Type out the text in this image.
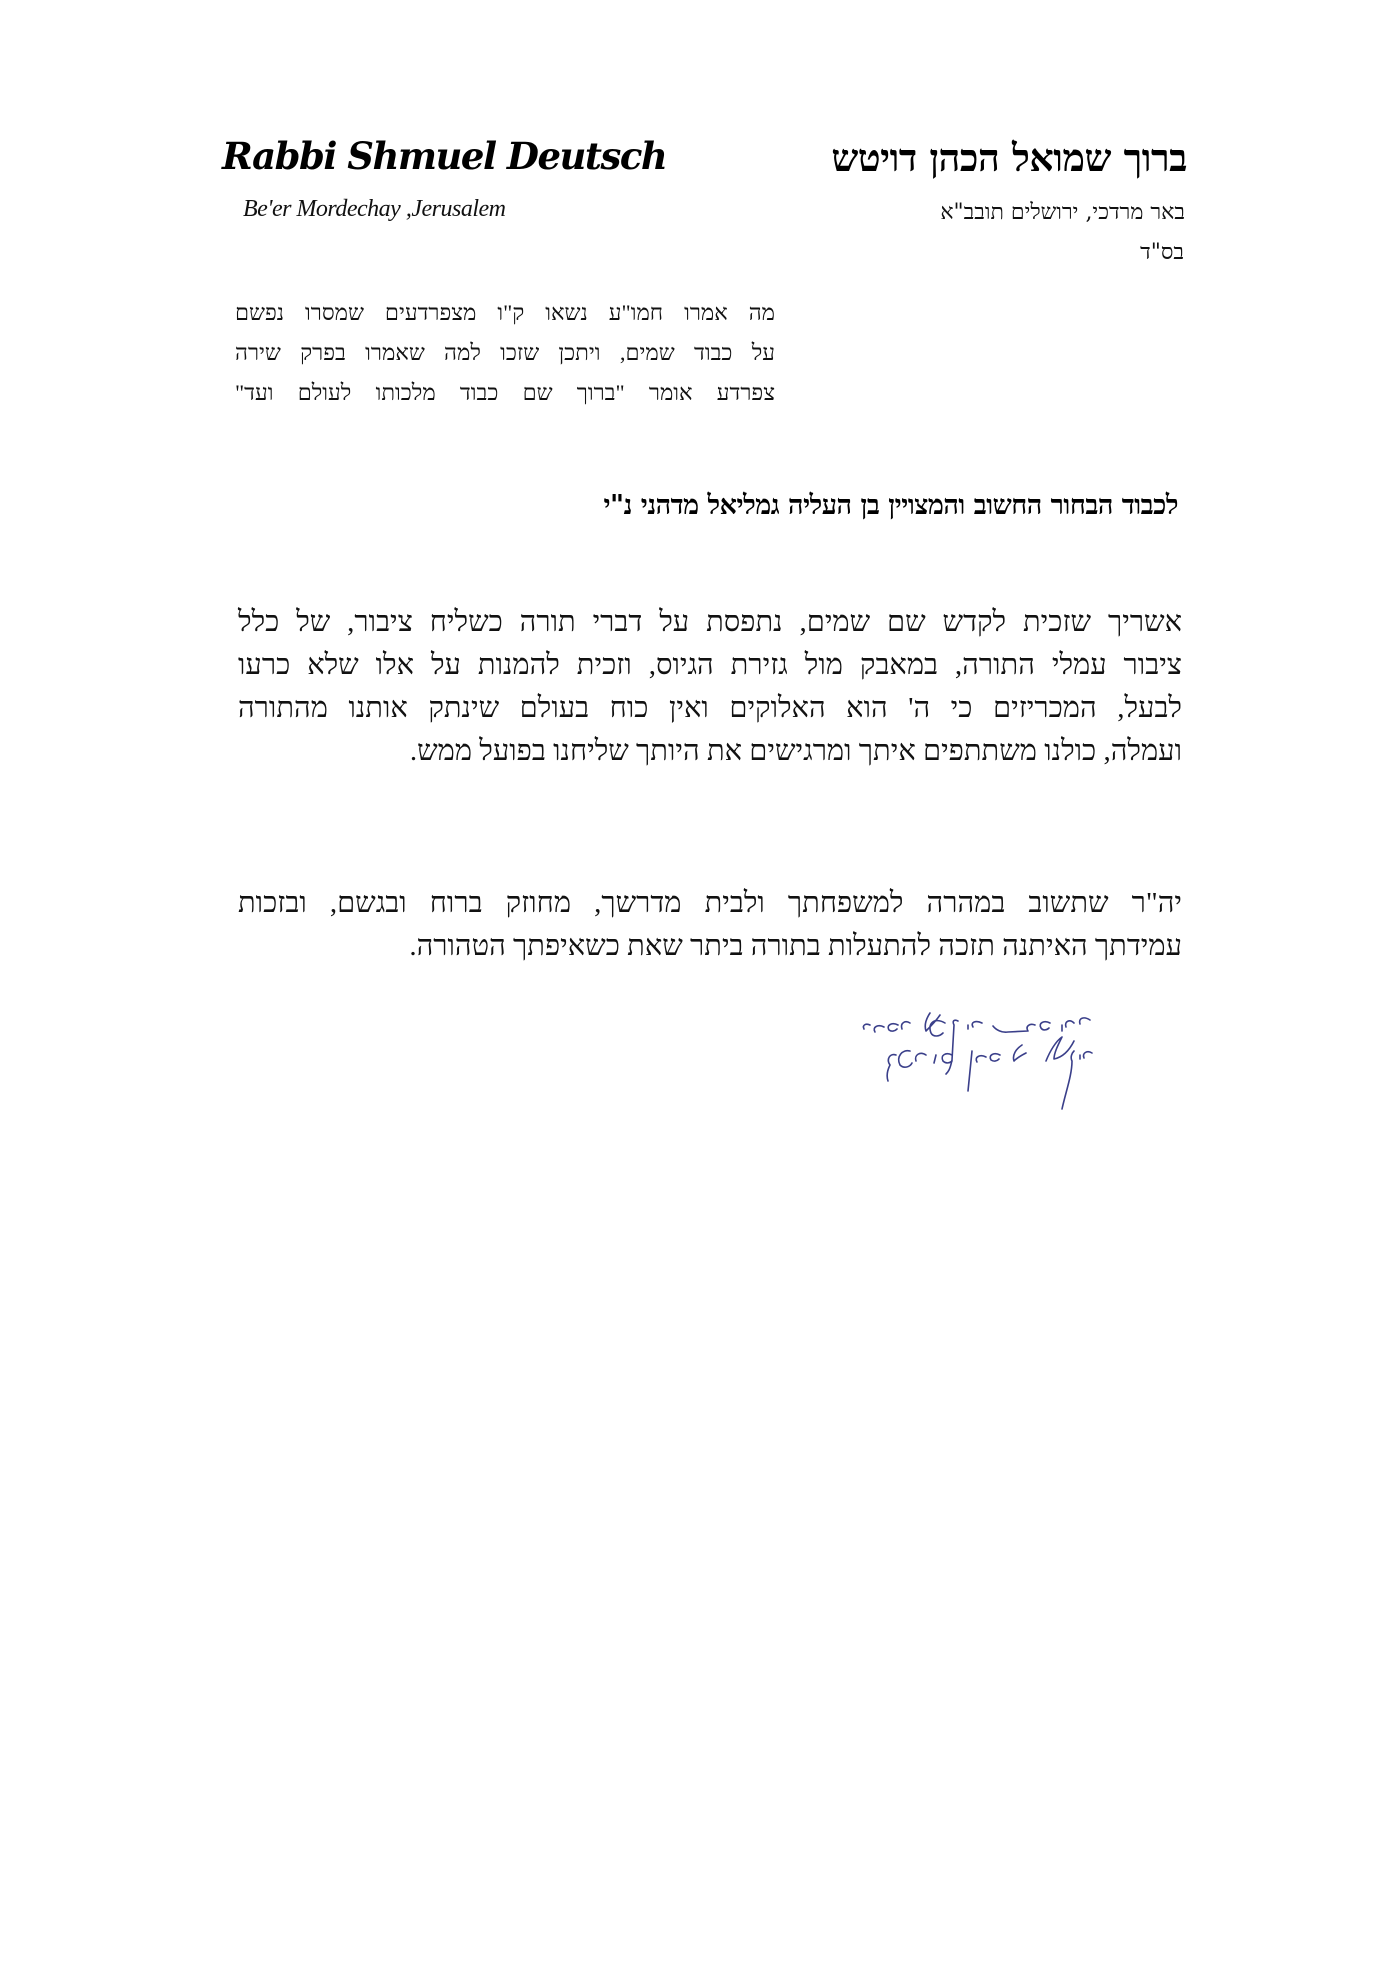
Rabbi Shmuel Deutsch
Be'er Mordechay ,Jerusalem
ברוך שמואל הכהן דויטש
באר מרדכי, ירושלים תובב"א
בס"ד
מה אמרו חמו"ע נשאו ק"ו מצפרדעים שמסרו נפשם
על כבוד שמים, ויתכן שזכו למה שאמרו בפרק שירה
צפרדע אומר "ברוך שם כבוד מלכותו לעולם ועד"
לכבוד הבחור החשוב והמצויין בן העליה גמליאל מדהני נ"י
אשריך שזכית לקדש שם שמים, נתפסת על דברי תורה כשליח ציבור, של כלל
ציבור עמלי התורה, במאבק מול גזירת הגיוס, וזכית להמנות על אלו שלא כרעו
לבעל, המכריזים כי ה' הוא האלוקים ואין כוח בעולם שינתק אותנו מהתורה
ועמלה, כולנו משתתפים איתך ומרגישים את היותך שליחנו בפועל ממש.
יה"ר שתשוב במהרה למשפחתך ולבית מדרשך, מחוזק ברוח ובגשם, ובזכות
עמידתך האיתנה תזכה להתעלות בתורה ביתר שאת כשאיפתך הטהורה.
